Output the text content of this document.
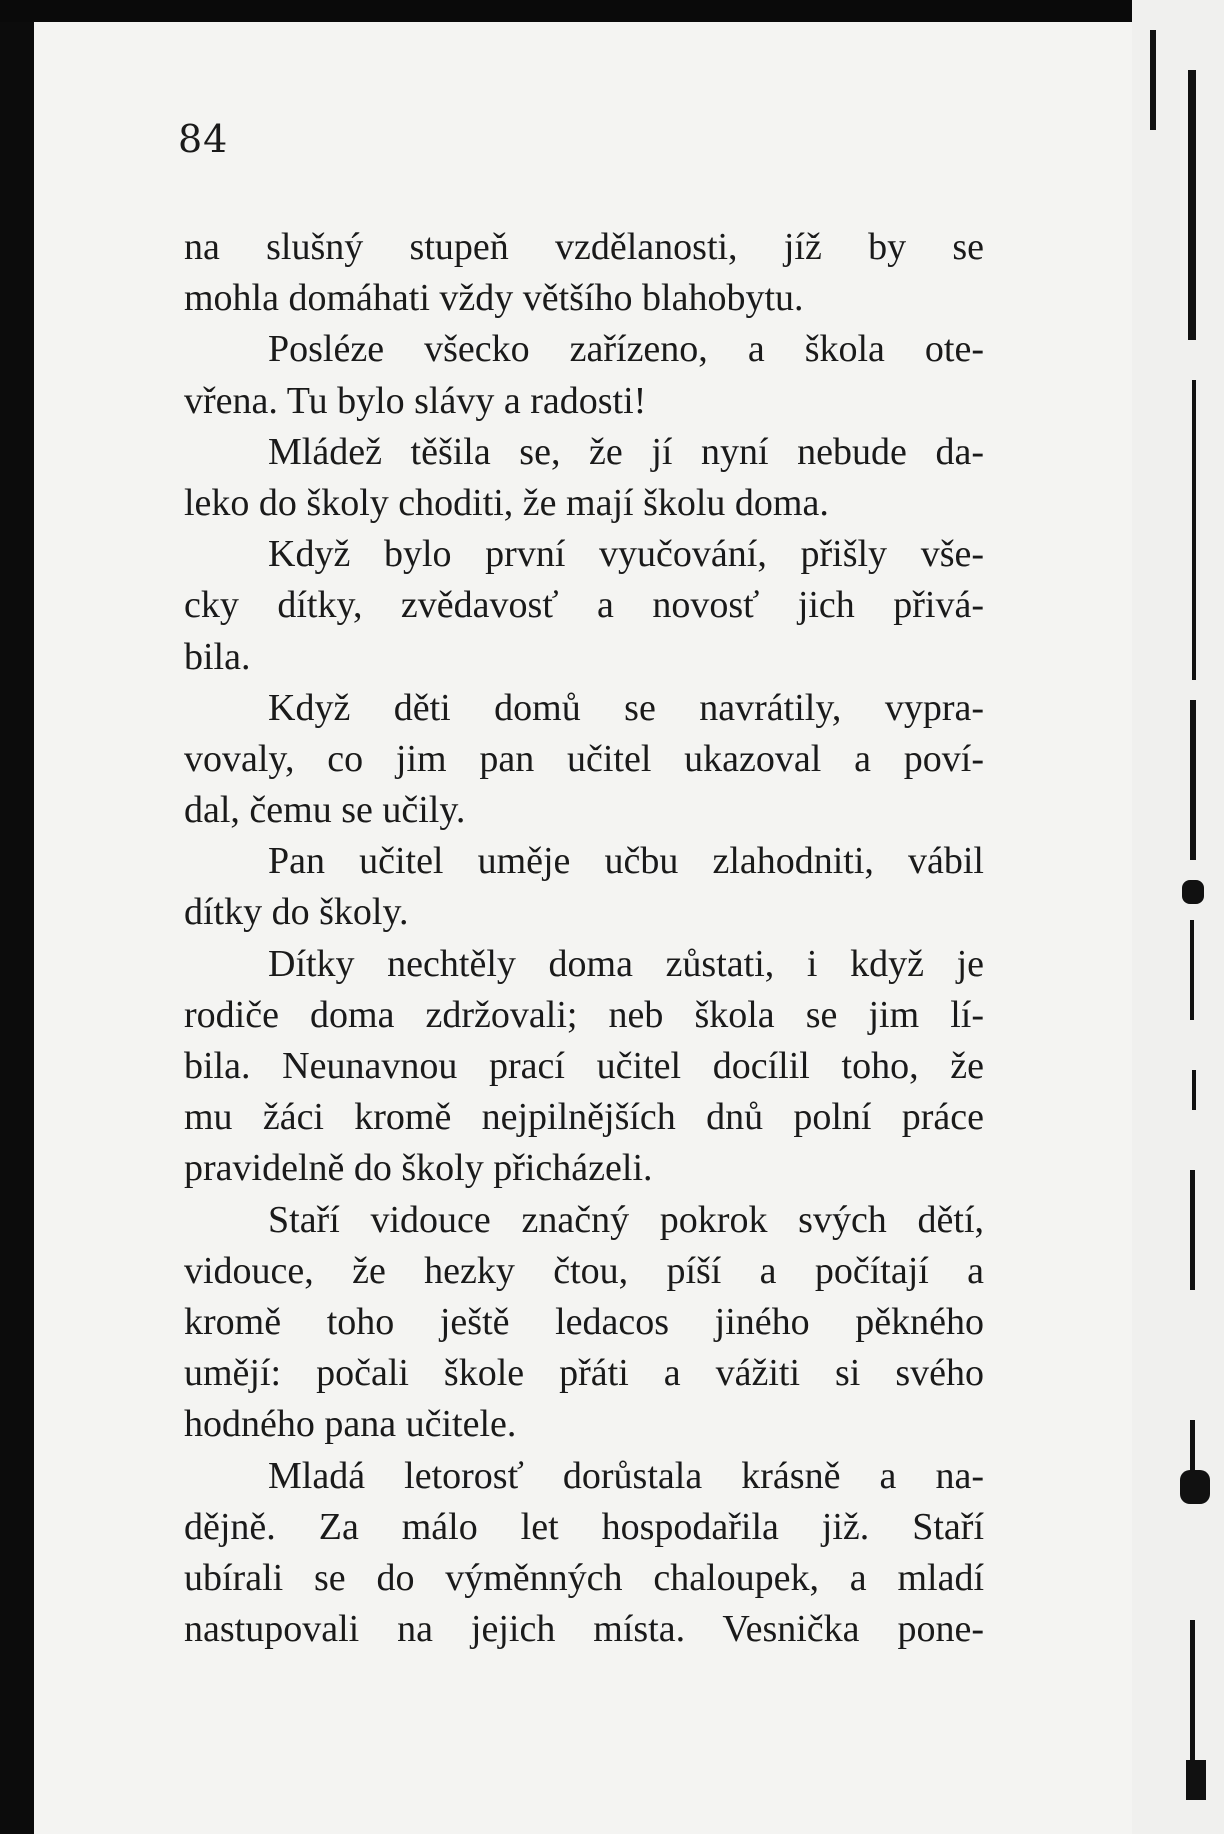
84
na slušný stupeň vzdělanosti, jíž by se
mohla domáhati vždy většího blahobytu.
Posléze všecko zařízeno, a škola ote-
vřena. Tu bylo slávy a radosti!
Mládež těšila se, že jí nyní nebude da-
leko do školy choditi, že mají školu doma.
Když bylo první vyučování, přišly vše-
cky dítky, zvědavosť a novosť jich přivá-
bila.
Když děti domů se navrátily, vypra-
vovaly, co jim pan učitel ukazoval a poví-
dal, čemu se učily.
Pan učitel uměje učbu zlahodniti, vábil
dítky do školy.
Dítky nechtěly doma zůstati, i když je
rodiče doma zdržovali; neb škola se jim lí-
bila. Neunavnou prací učitel docílil toho, že
mu žáci kromě nejpilnějších dnů polní práce
pravidelně do školy přicházeli.
Staří vidouce značný pokrok svých dětí,
vidouce, že hezky čtou, píší a počítají a
kromě toho ještě ledacos jiného pěkného
umějí: počali škole přáti a vážiti si svého
hodného pana učitele.
Mladá letorosť dorůstala krásně a na-
dějně. Za málo let hospodařila již. Staří
ubírali se do výměnných chaloupek, a mladí
nastupovali na jejich místa. Vesnička pone-
